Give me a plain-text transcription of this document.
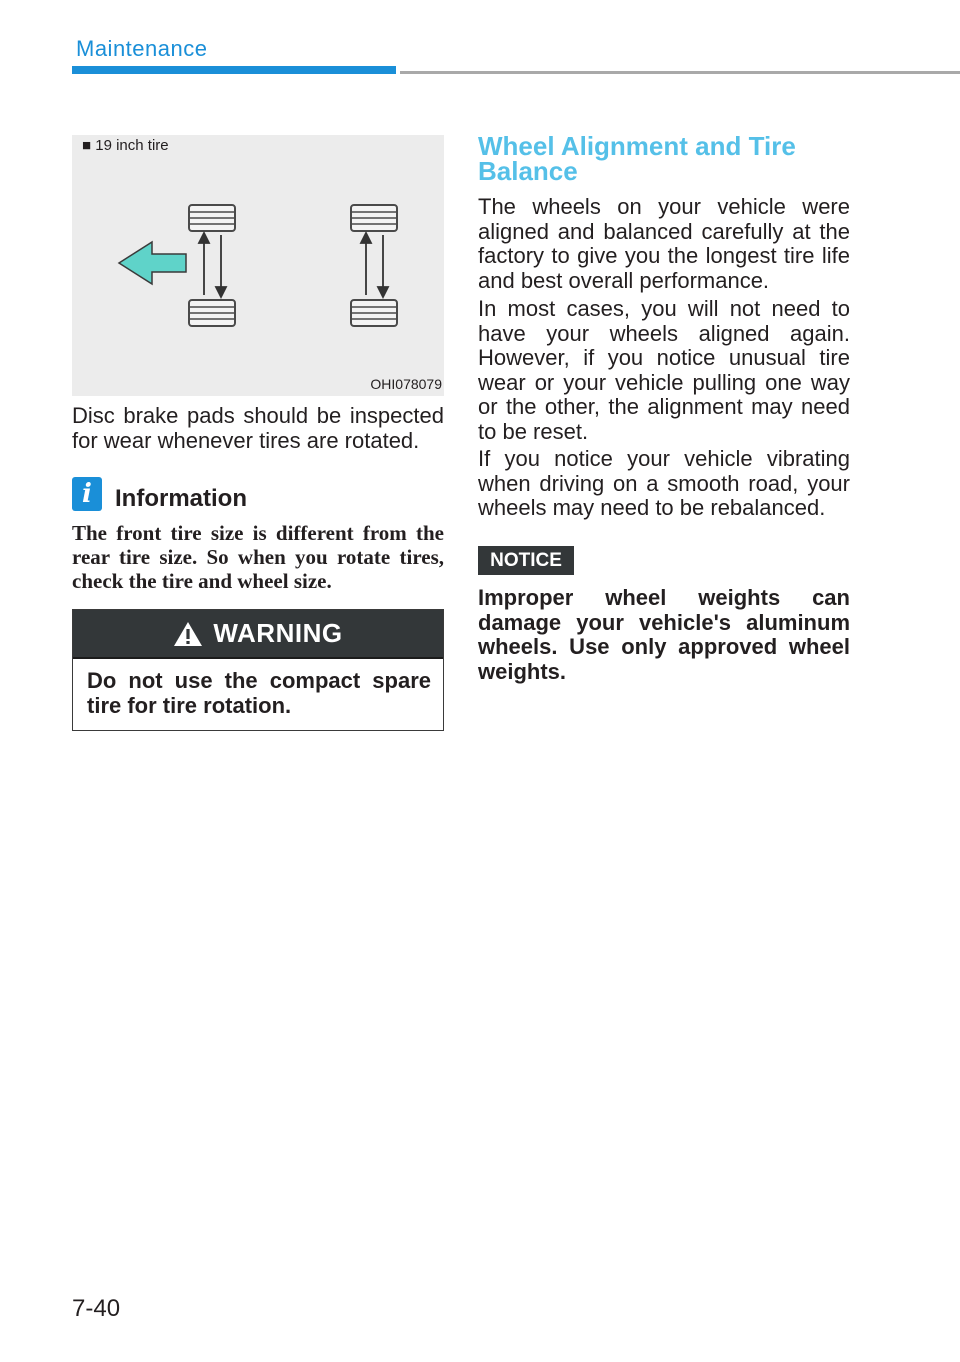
Maintenance
■ 19 inch tire
OHI078079

Disc brake pads should be inspected for wear whenever tires are rotated.

i Information

The front tire size is different from the rear tire size. So when you rotate tires, check the tire and wheel size.

WARNING

Do not use the compact spare tire for tire rotation.

Wheel Alignment and Tire Balance

The wheels on your vehicle were aligned and balanced carefully at the factory to give you the longest tire life and best overall performance.

In most cases, you will not need to have your wheels aligned again. However, if you notice unusual tire wear or your vehicle pulling one way or the other, the alignment may need to be reset.

If you notice your vehicle vibrating when driving on a smooth road, your wheels may need to be rebalanced.

NOTICE

Improper wheel weights can damage your vehicle's aluminum wheels. Use only approved wheel weights.

7-40
